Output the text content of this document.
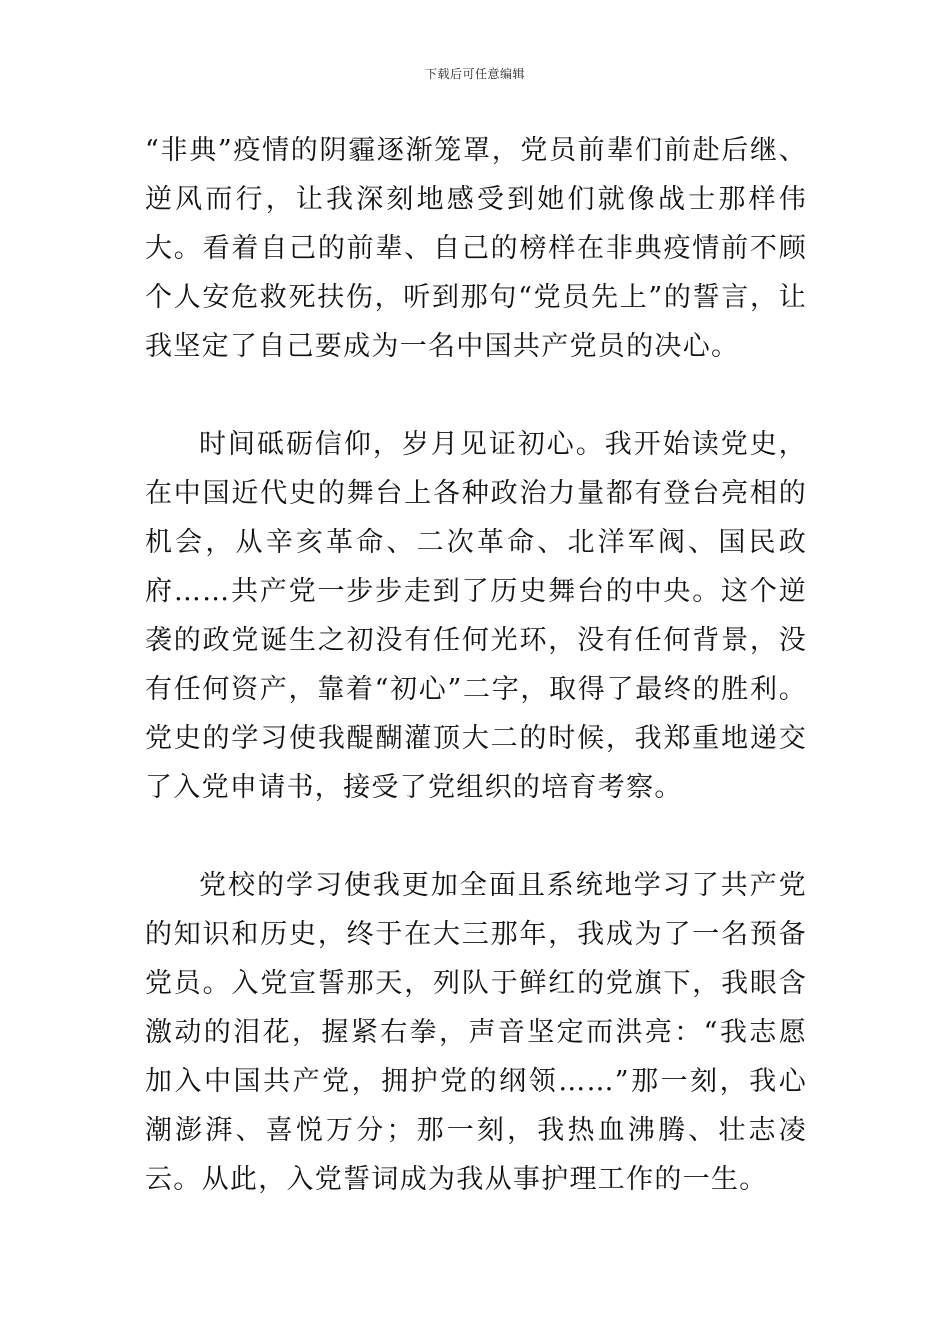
下载后可任意编辑

“非典”疫情的阴霾逐渐笼罩，党员前辈们前赴后继、逆风而行，让我深刻地感受到她们就像战士那样伟大。看着自己的前辈、自己的榜样在非典疫情前不顾个人安危救死扶伤，听到那句“党员先上”的誓言，让我坚定了自己要成为一名中国共产党员的决心。

时间砥砺信仰，岁月见证初心。我开始读党史，在中国近代史的舞台上各种政治力量都有登台亮相的机会，从辛亥革命、二次革命、北洋军阀、国民政府……共产党一步步走到了历史舞台的中央。这个逆袭的政党诞生之初没有任何光环，没有任何背景，没有任何资产，靠着“初心”二字，取得了最终的胜利。党史的学习使我醍醐灌顶大二的时候，我郑重地递交了入党申请书，接受了党组织的培育考察。

党校的学习使我更加全面且系统地学习了共产党的知识和历史，终于在大三那年，我成为了一名预备党员。入党宣誓那天，列队于鲜红的党旗下，我眼含激动的泪花，握紧右拳，声音坚定而洪亮：“我志愿加入中国共产党，拥护党的纲领……”那一刻，我心潮澎湃、喜悦万分；那一刻，我热血沸腾、壮志凌云。从此，入党誓词成为我从事护理工作的一生。
